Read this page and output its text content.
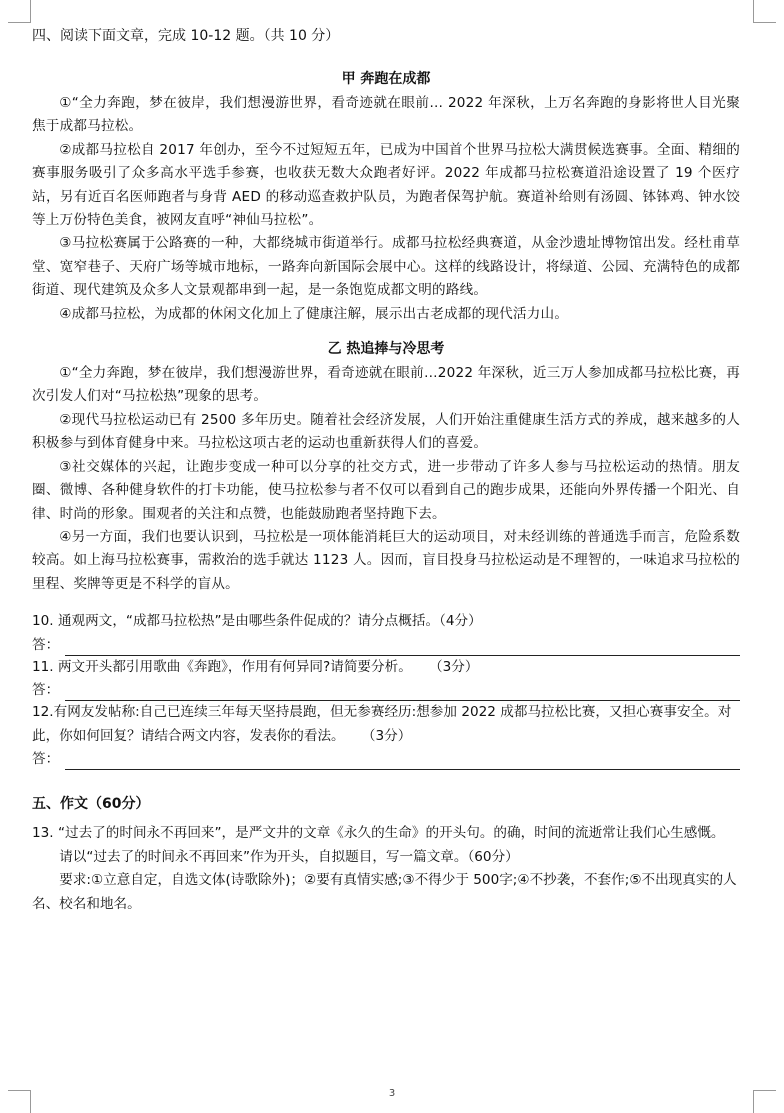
四、阅读下面文章，完成 10-12 题。（共 10 分）

甲 奔跑在成都

①“全力奔跑，梦在彼岸，我们想漫游世界，看奇迹就在眼前… 2022 年深秋，上万名奔跑的身影将世人目光聚焦于成都马拉松。

②成都马拉松自 2017 年创办，至今不过短短五年，已成为中国首个世界马拉松大满贯候选赛事。全面、精细的赛事服务吸引了众多高水平选手参赛，也收获无数大众跑者好评。2022 年成都马拉松赛道沿途设置了 19 个医疗站，另有近百名医师跑者与身背 AED 的移动巡查救护队员，为跑者保驾护航。赛道补给则有汤圆、钵钵鸡、钟水饺等上万份特色美食，被网友直呼“神仙马拉松”。

③马拉松赛属于公路赛的一种，大都绕城市街道举行。成都马拉松经典赛道，从金沙遗址博物馆出发。经杜甫草堂、宽窄巷子、天府广场等城市地标，一路奔向新国际会展中心。这样的线路设计，将绿道、公园、充满特色的成都街道、现代建筑及众多人文景观都串到一起，是一条饱览成都文明的路线。

④成都马拉松，为成都的休闲文化加上了健康注解，展示出古老成都的现代活力山。

乙 热追捧与冷思考

①“全力奔跑，梦在彼岸，我们想漫游世界，看奇迹就在眼前…2022 年深秋，近三万人参加成都马拉松比赛，再次引发人们对“马拉松热”现象的思考。

②现代马拉松运动已有 2500 多年历史。随着社会经济发展，人们开始注重健康生活方式的养成，越来越多的人积极参与到体育健身中来。马拉松这项古老的运动也重新获得人们的喜爱。

③社交媒体的兴起，让跑步变成一种可以分享的社交方式，进一步带动了许多人参与马拉松运动的热情。朋友圈、微博、各种健身软件的打卡功能，使马拉松参与者不仅可以看到自己的跑步成果，还能向外界传播一个阳光、自律、时尚的形象。围观者的关注和点赞，也能鼓励跑者坚持跑下去。

④另一方面，我们也要认识到，马拉松是一项体能消耗巨大的运动项目，对未经训练的普通选手而言，危险系数较高。如上海马拉松赛事，需救治的选手就达 1123 人。因而，盲目投身马拉松运动是不理智的，一味追求马拉松的里程、奖牌等更是不科学的盲从。

10. 通观两文，“成都马拉松热”是由哪些条件促成的？请分点概括。（4分）

答：

11. 两文开头都引用歌曲《奔跑》，作用有何异同?请简要分析。 （3分）

答：

12.有网友发帖称:自己已连续三年每天坚持晨跑，但无参赛经历:想参加 2022 成都马拉松比赛，又担心赛事安全。对此，你如何回复？请结合两文内容，发表你的看法。 （3分）

答：

五、作文（60分）

13. “过去了的时间永不再回来”，是严文井的文章《永久的生命》的开头句。的确，时间的流逝常让我们心生感慨。

请以“过去了的时间永不再回来”作为开头，自拟题目，写一篇文章。（60分）

要求:①立意自定，自选文体(诗歌除外)；②要有真情实感;③不得少于 500字;④不抄袭，不套作;⑤不出现真实的人名、校名和地名。

3
